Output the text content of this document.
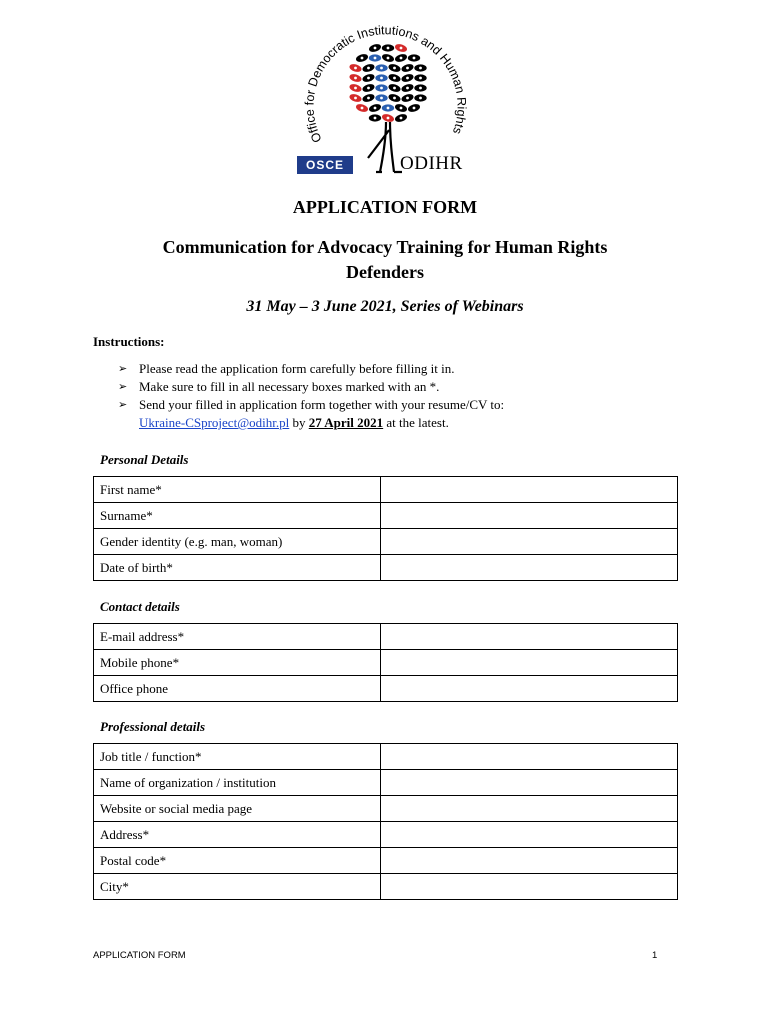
Office for Democratic Institutions and Human Rights
OSCE	ODIHR
APPLICATION FORM
Communication for Advocacy Training for Human Rights
Defenders
31 May – 3 June 2021, Series of Webinars
Instructions:
➢ Please read the application form carefully before filling it in.
➢ Make sure to fill in all necessary boxes marked with an *.
➢ Send your filled in application form together with your resume/CV to:
Ukraine-CSproject@odihr.pl by 27 April 2021 at the latest.
Personal Details
First name*	
Surname*	
Gender identity (e.g. man, woman)	
Date of birth*	
Contact details
E-mail address*	
Mobile phone*	
Office phone	
Professional details
Job title / function*	
Name of organization / institution	
Website or social media page	
Address*	
Postal code*	
City*	
APPLICATION FORM	1
